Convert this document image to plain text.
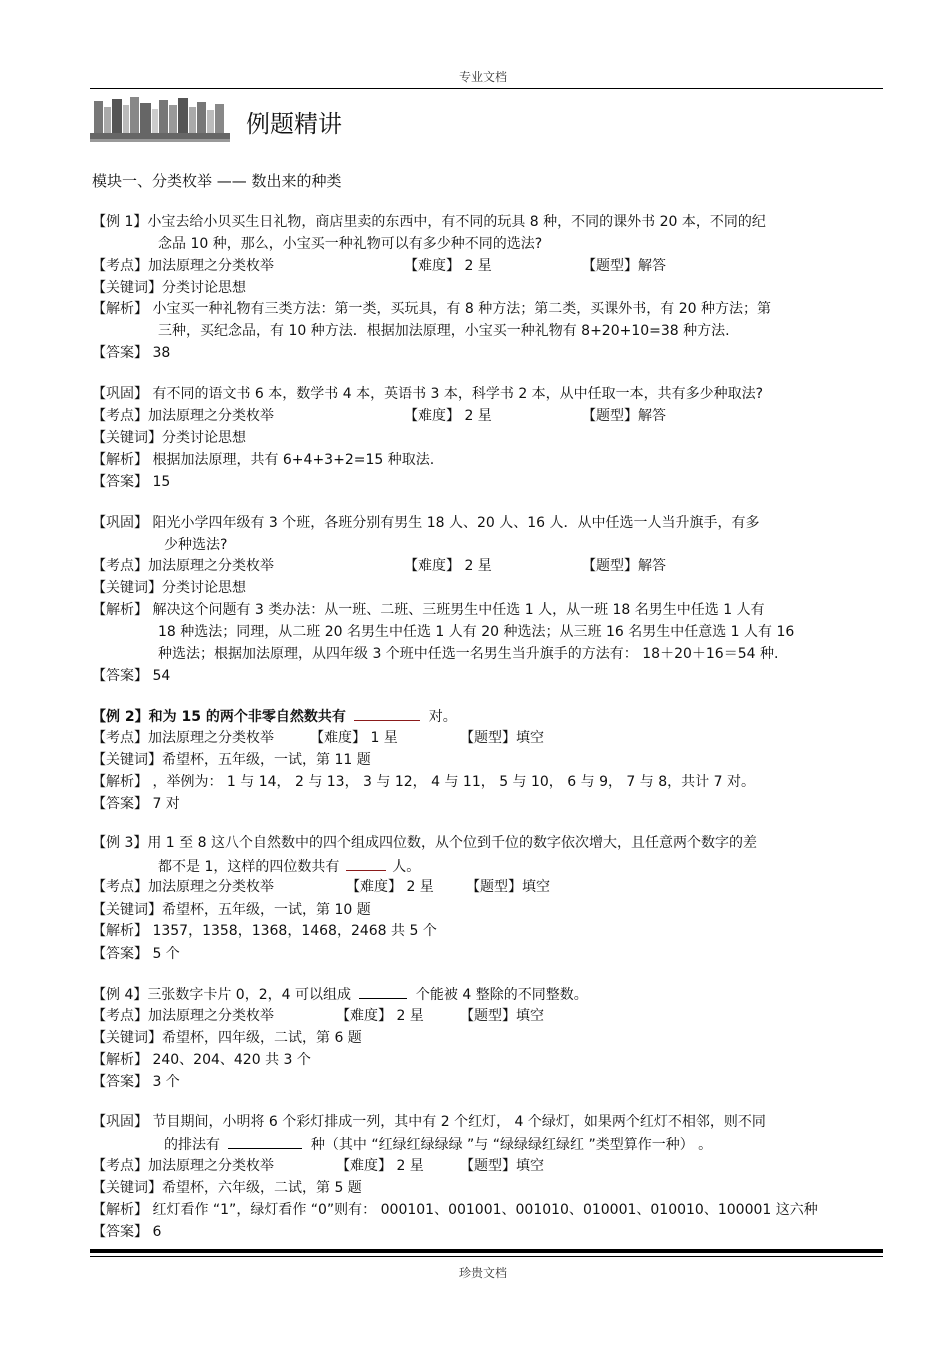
专业文档
例题精讲
模块一、分类枚举 —— 数出来的种类
【例 1】小宝去给小贝买生日礼物，商店里卖的东西中，有不同的玩具 8 种，不同的课外书 20 本，不同的纪
念品 10 种，那么，小宝买一种礼物可以有多少种不同的选法?
【考点】加法原理之分类枚举	【难度】 2 星	【题型】解答
【关键词】分类讨论思想
【解析】 小宝买一种礼物有三类方法：第一类，买玩具，有 8 种方法；第二类，买课外书，有 20 种方法；第
三种，买纪念品，有 10 种方法．根据加法原理，小宝买一种礼物有 8+20+10=38 种方法.
【答案】 38
【巩固】 有不同的语文书 6 本，数学书 4 本，英语书 3 本，科学书 2 本，从中任取一本，共有多少种取法?
【考点】加法原理之分类枚举	【难度】 2 星	【题型】解答
【关键词】分类讨论思想
【解析】 根据加法原理，共有 6+4+3+2=15 种取法.
【答案】 15
【巩固】 阳光小学四年级有 3 个班，各班分别有男生 18 人、20 人、16 人．从中任选一人当升旗手，有多
少种选法?
【考点】加法原理之分类枚举	【难度】 2 星	【题型】解答
【关键词】分类讨论思想
【解析】 解决这个问题有 3 类办法：从一班、二班、三班男生中任选 1 人，从一班 18 名男生中任选 1 人有
18 种选法；同理，从二班 20 名男生中任选 1 人有 20 种选法；从三班 16 名男生中任意选 1 人有 16
种选法；根据加法原理，从四年级 3 个班中任选一名男生当升旗手的方法有： 18＋20＋16＝54 种.
【答案】 54
【例 2】和为 15 的两个非零自然数共有	对。
【考点】加法原理之分类枚举	【难度】 1 星	【题型】填空
【关键词】希望杯，五年级，一试，第 11 题
【解析】 ，举例为： 1 与 14， 2 与 13， 3 与 12， 4 与 11， 5 与 10， 6 与 9， 7 与 8，共计 7 对。
【答案】 7 对
【例 3】用 1 至 8 这八个自然数中的四个组成四位数，从个位到千位的数字依次增大，且任意两个数字的差
都不是 1，这样的四位数共有	人。
【考点】加法原理之分类枚举	【难度】 2 星 【题型】填空
【关键词】希望杯，五年级，一试，第 10 题
【解析】 1357，1358，1368，1468，2468 共 5 个
【答案】 5 个
【例 4】三张数字卡片 0，2，4 可以组成	个能被 4 整除的不同整数。
【考点】加法原理之分类枚举	【难度】 2 星	【题型】填空
【关键词】希望杯，四年级，二试，第 6 题
【解析】 240、204、420 共 3 个
【答案】 3 个
【巩固】 节目期间，小明将 6 个彩灯排成一列，其中有 2 个红灯， 4 个绿灯，如果两个红灯不相邻，则不同
的排法有	种（其中 “红绿红绿绿绿 ”与 “绿绿绿红绿红 ”类型算作一种） 。
【考点】加法原理之分类枚举	【难度】 2 星	【题型】填空
【关键词】希望杯，六年级，二试，第 5 题
【解析】 红灯看作 “1”，绿灯看作 “0”则有： 000101、001001、001010、010001、010010、100001 这六种
【答案】 6
珍贵文档
